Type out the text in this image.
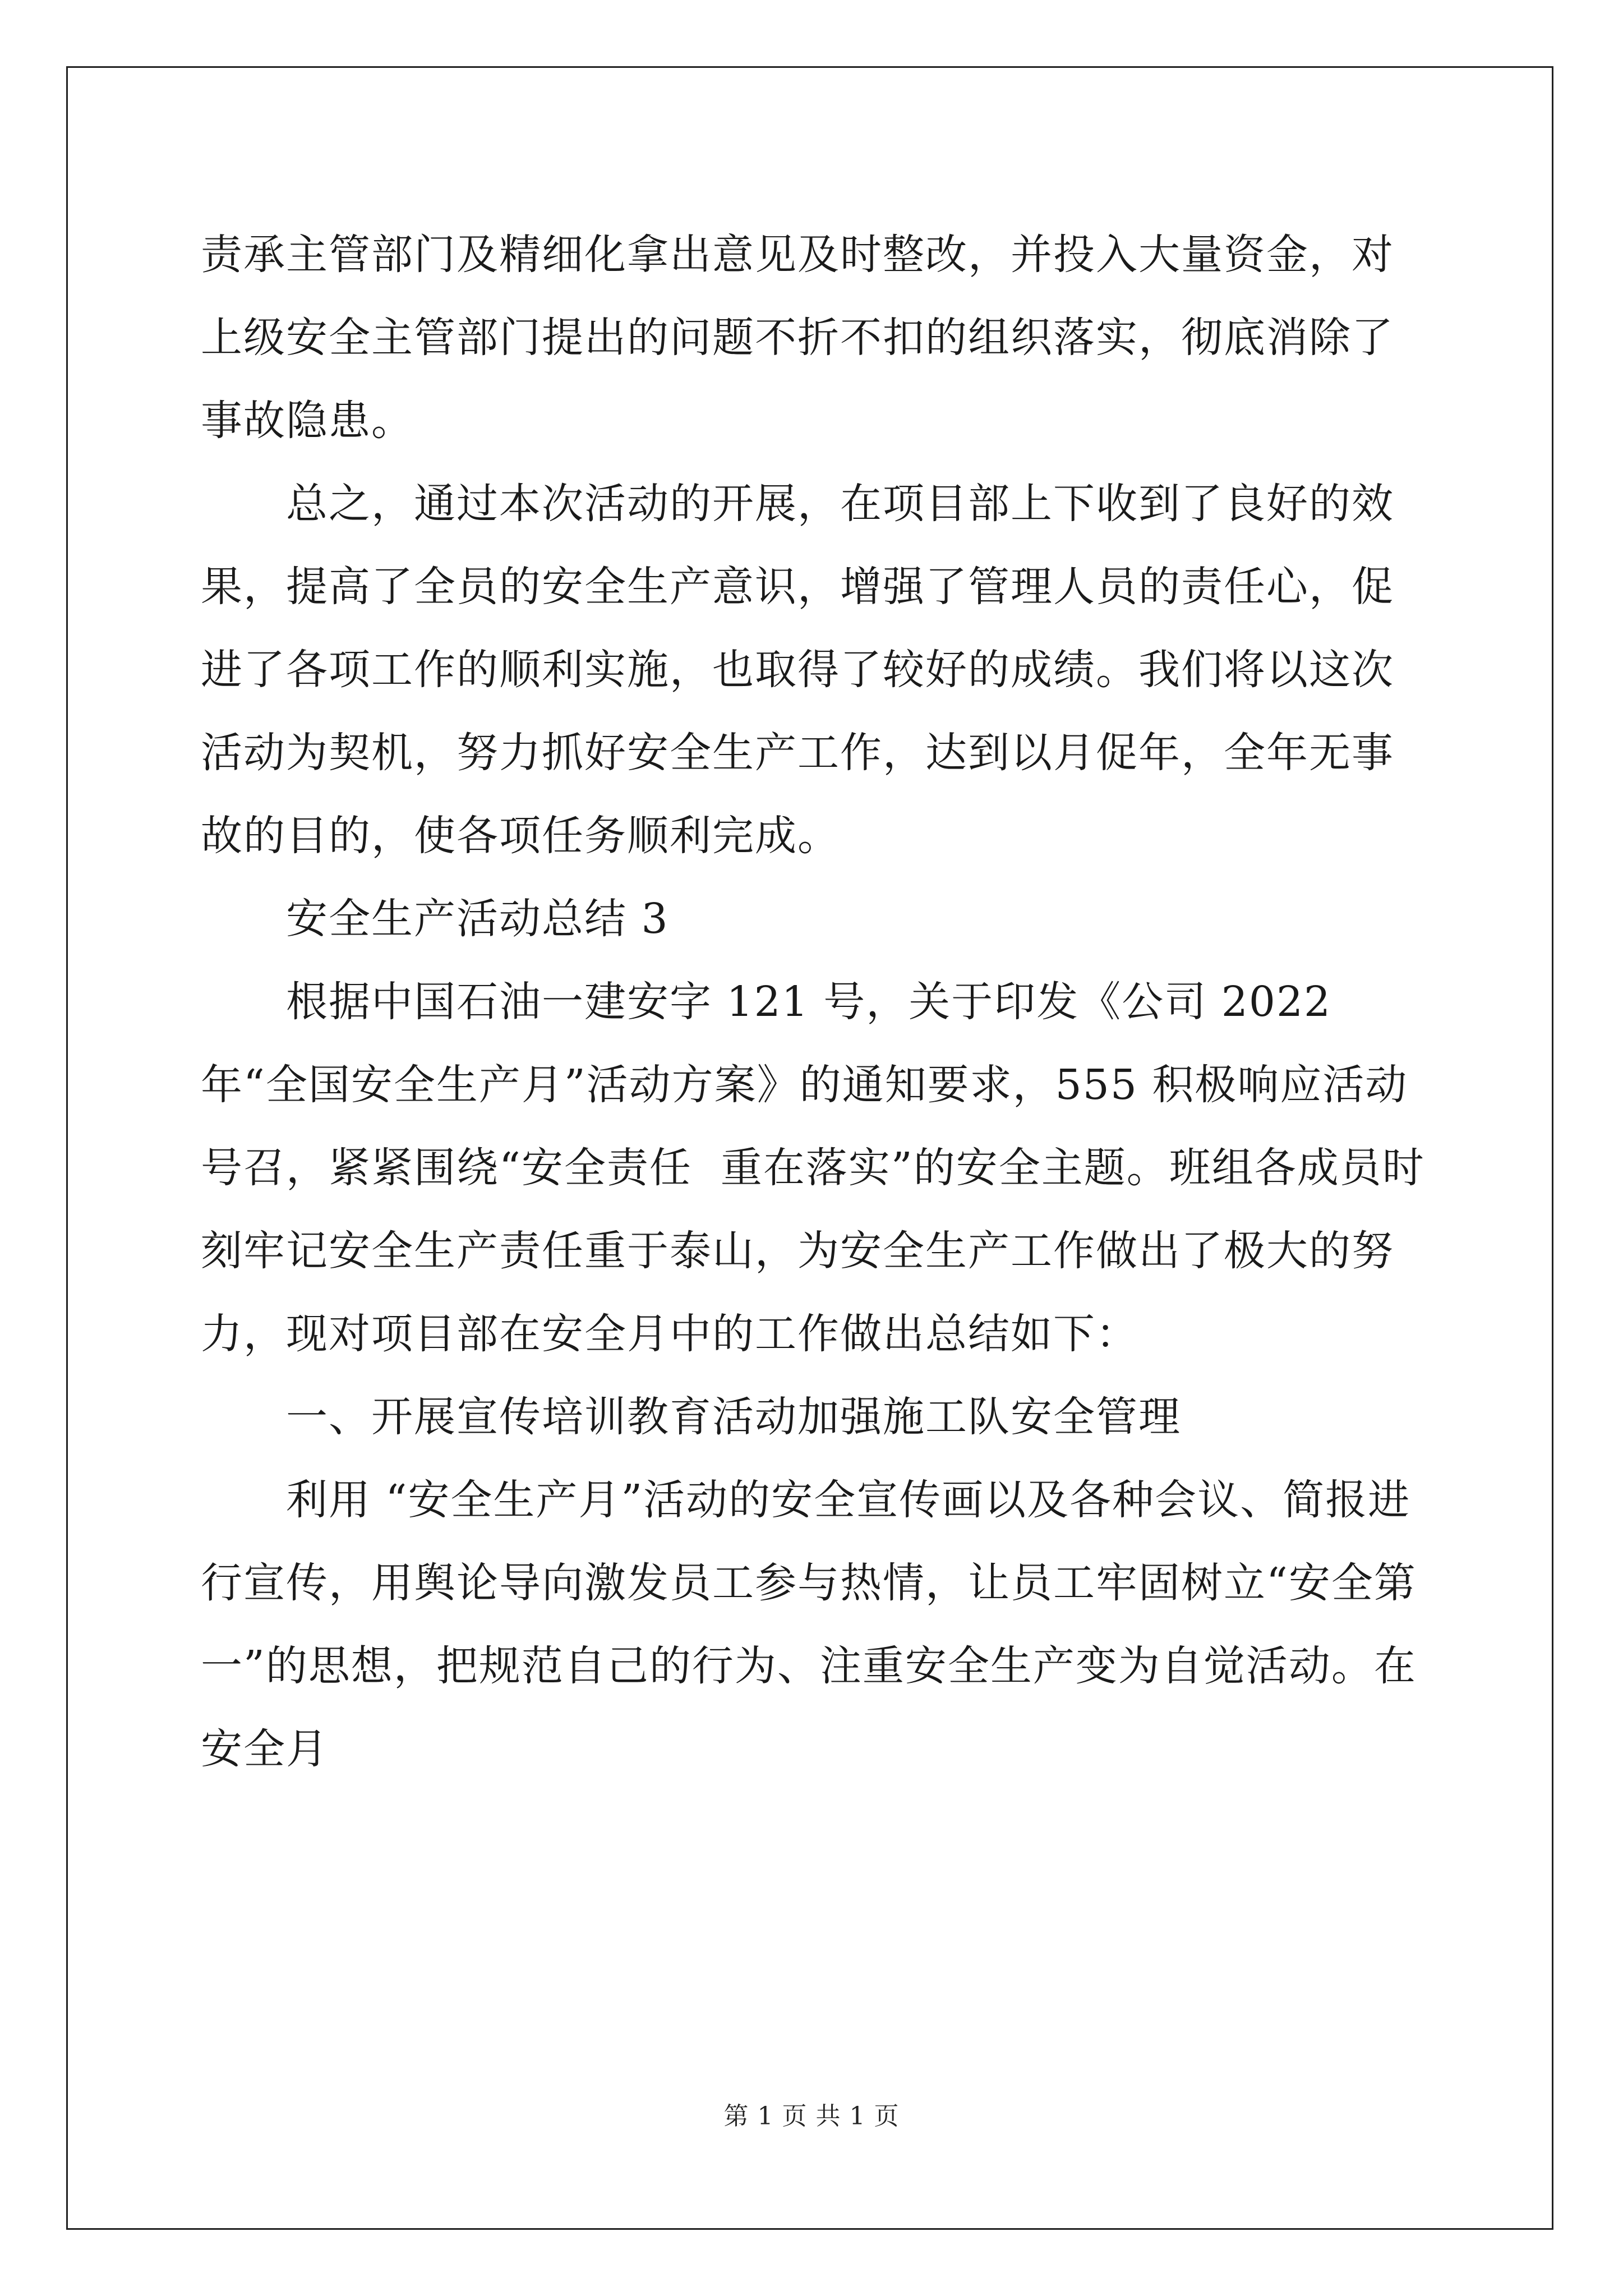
责承主管部门及精细化拿出意见及时整改，并投入大量资金，对上级安全主管部门提出的问题不折不扣的组织落实，彻底消除了事故隐患。

总之，通过本次活动的开展，在项目部上下收到了良好的效果，提高了全员的安全生产意识，增强了管理人员的责任心，促进了各项工作的顺利实施，也取得了较好的成绩。我们将以这次活动为契机，努力抓好安全生产工作，达到以月促年，全年无事故的目的，使各项任务顺利完成。

安全生产活动总结 3

根据中国石油一建安字 121 号，关于印发《公司 2022 年“全国安全生产月”活动方案》的通知要求，555 积极响应活动号召，紧紧围绕“安全责任  重在落实”的安全主题。班组各成员时刻牢记安全生产责任重于泰山，为安全生产工作做出了极大的努力，现对项目部在安全月中的工作做出总结如下：

一、开展宣传培训教育活动加强施工队安全管理

利用 “安全生产月”活动的安全宣传画以及各种会议、简报进行宣传，用舆论导向激发员工参与热情，让员工牢固树立“安全第一”的思想，把规范自己的行为、注重安全生产变为自觉活动。在安全月

第 1 页 共 1 页
